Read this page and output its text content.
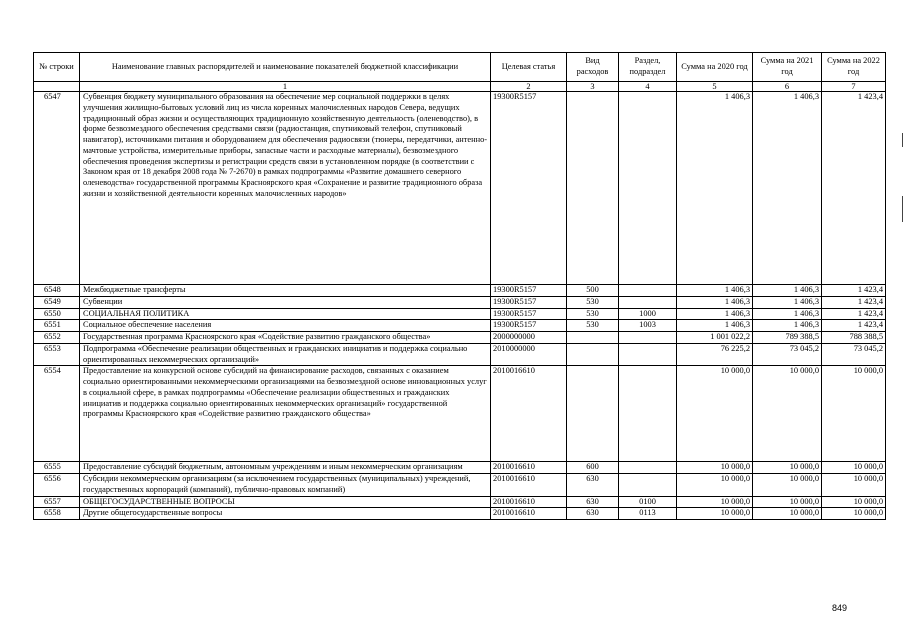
№ строки	Наименование главных распорядителей и наименование показателей бюджетной классификации	Целевая статья	Вид расходов	Раздел, подраздел	Сумма на 2020 год	Сумма на 2021 год	Сумма на 2022 год
	1	2	3	4	5	6	7
6547	Субвенция бюджету муниципального образования на обеспечение мер социальной поддержки в целях улучшения жилищно-бытовых условий лиц из числа коренных малочисленных народов Севера, ведущих традиционный образ жизни и осуществляющих традиционную хозяйственную деятельность (оленеводство), в форме безвозмездного обеспечения средствами связи (радиостанция, спутниковый телефон, спутниковый навигатор), источниками питания и оборудованием для обеспечения радиосвязи (тюнеры, передатчики, антенно-мачтовые устройства, измерительные приборы, запасные части и расходные материалы), безвозмездного обеспечения проведения экспертизы и регистрации средств связи в установленном порядке (в соответствии с Законом края от 18 декабря 2008 года № 7-2670) в рамках подпрограммы «Развитие домашнего северного оленеводства» государственной программы Красноярского края «Сохранение и развитие традиционного образа жизни и хозяйственной деятельности коренных малочисленных народов»	19300R5157			1 406,3	1 406,3	1 423,4
6548	Межбюджетные трансферты	19300R5157	500		1 406,3	1 406,3	1 423,4
6549	Субвенции	19300R5157	530		1 406,3	1 406,3	1 423,4
6550	СОЦИАЛЬНАЯ ПОЛИТИКА	19300R5157	530	1000	1 406,3	1 406,3	1 423,4
6551	Социальное обеспечение населения	19300R5157	530	1003	1 406,3	1 406,3	1 423,4
6552	Государственная программа Красноярского края «Содействие развитию гражданского общества»	2000000000			1 001 022,2	789 388,5	788 388,5
6553	Подпрограмма «Обеспечение реализации общественных и гражданских инициатив и поддержка социально ориентированных некоммерческих организаций»	2010000000			76 225,2	73 045,2	73 045,2
6554	Предоставление на конкурсной основе субсидий на финансирование расходов, связанных с оказанием социально ориентированными некоммерческими организациями на безвозмездной основе инновационных услуг в социальной сфере, в рамках подпрограммы «Обеспечение реализации общественных и гражданских инициатив и поддержка социально ориентированных некоммерческих организаций» государственной программы Красноярского края «Содействие развитию гражданского общества»	2010016610			10 000,0	10 000,0	10 000,0
6555	Предоставление субсидий бюджетным, автономным учреждениям и иным некоммерческим организациям	2010016610	600		10 000,0	10 000,0	10 000,0
6556	Субсидии некоммерческим организациям (за исключением государственных (муниципальных) учреждений, государственных корпораций (компаний), публично-правовых компаний)	2010016610	630		10 000,0	10 000,0	10 000,0
6557	ОБЩЕГОСУДАРСТВЕННЫЕ ВОПРОСЫ	2010016610	630	0100	10 000,0	10 000,0	10 000,0
6558	Другие общегосударственные вопросы	2010016610	630	0113	10 000,0	10 000,0	10 000,0
849
